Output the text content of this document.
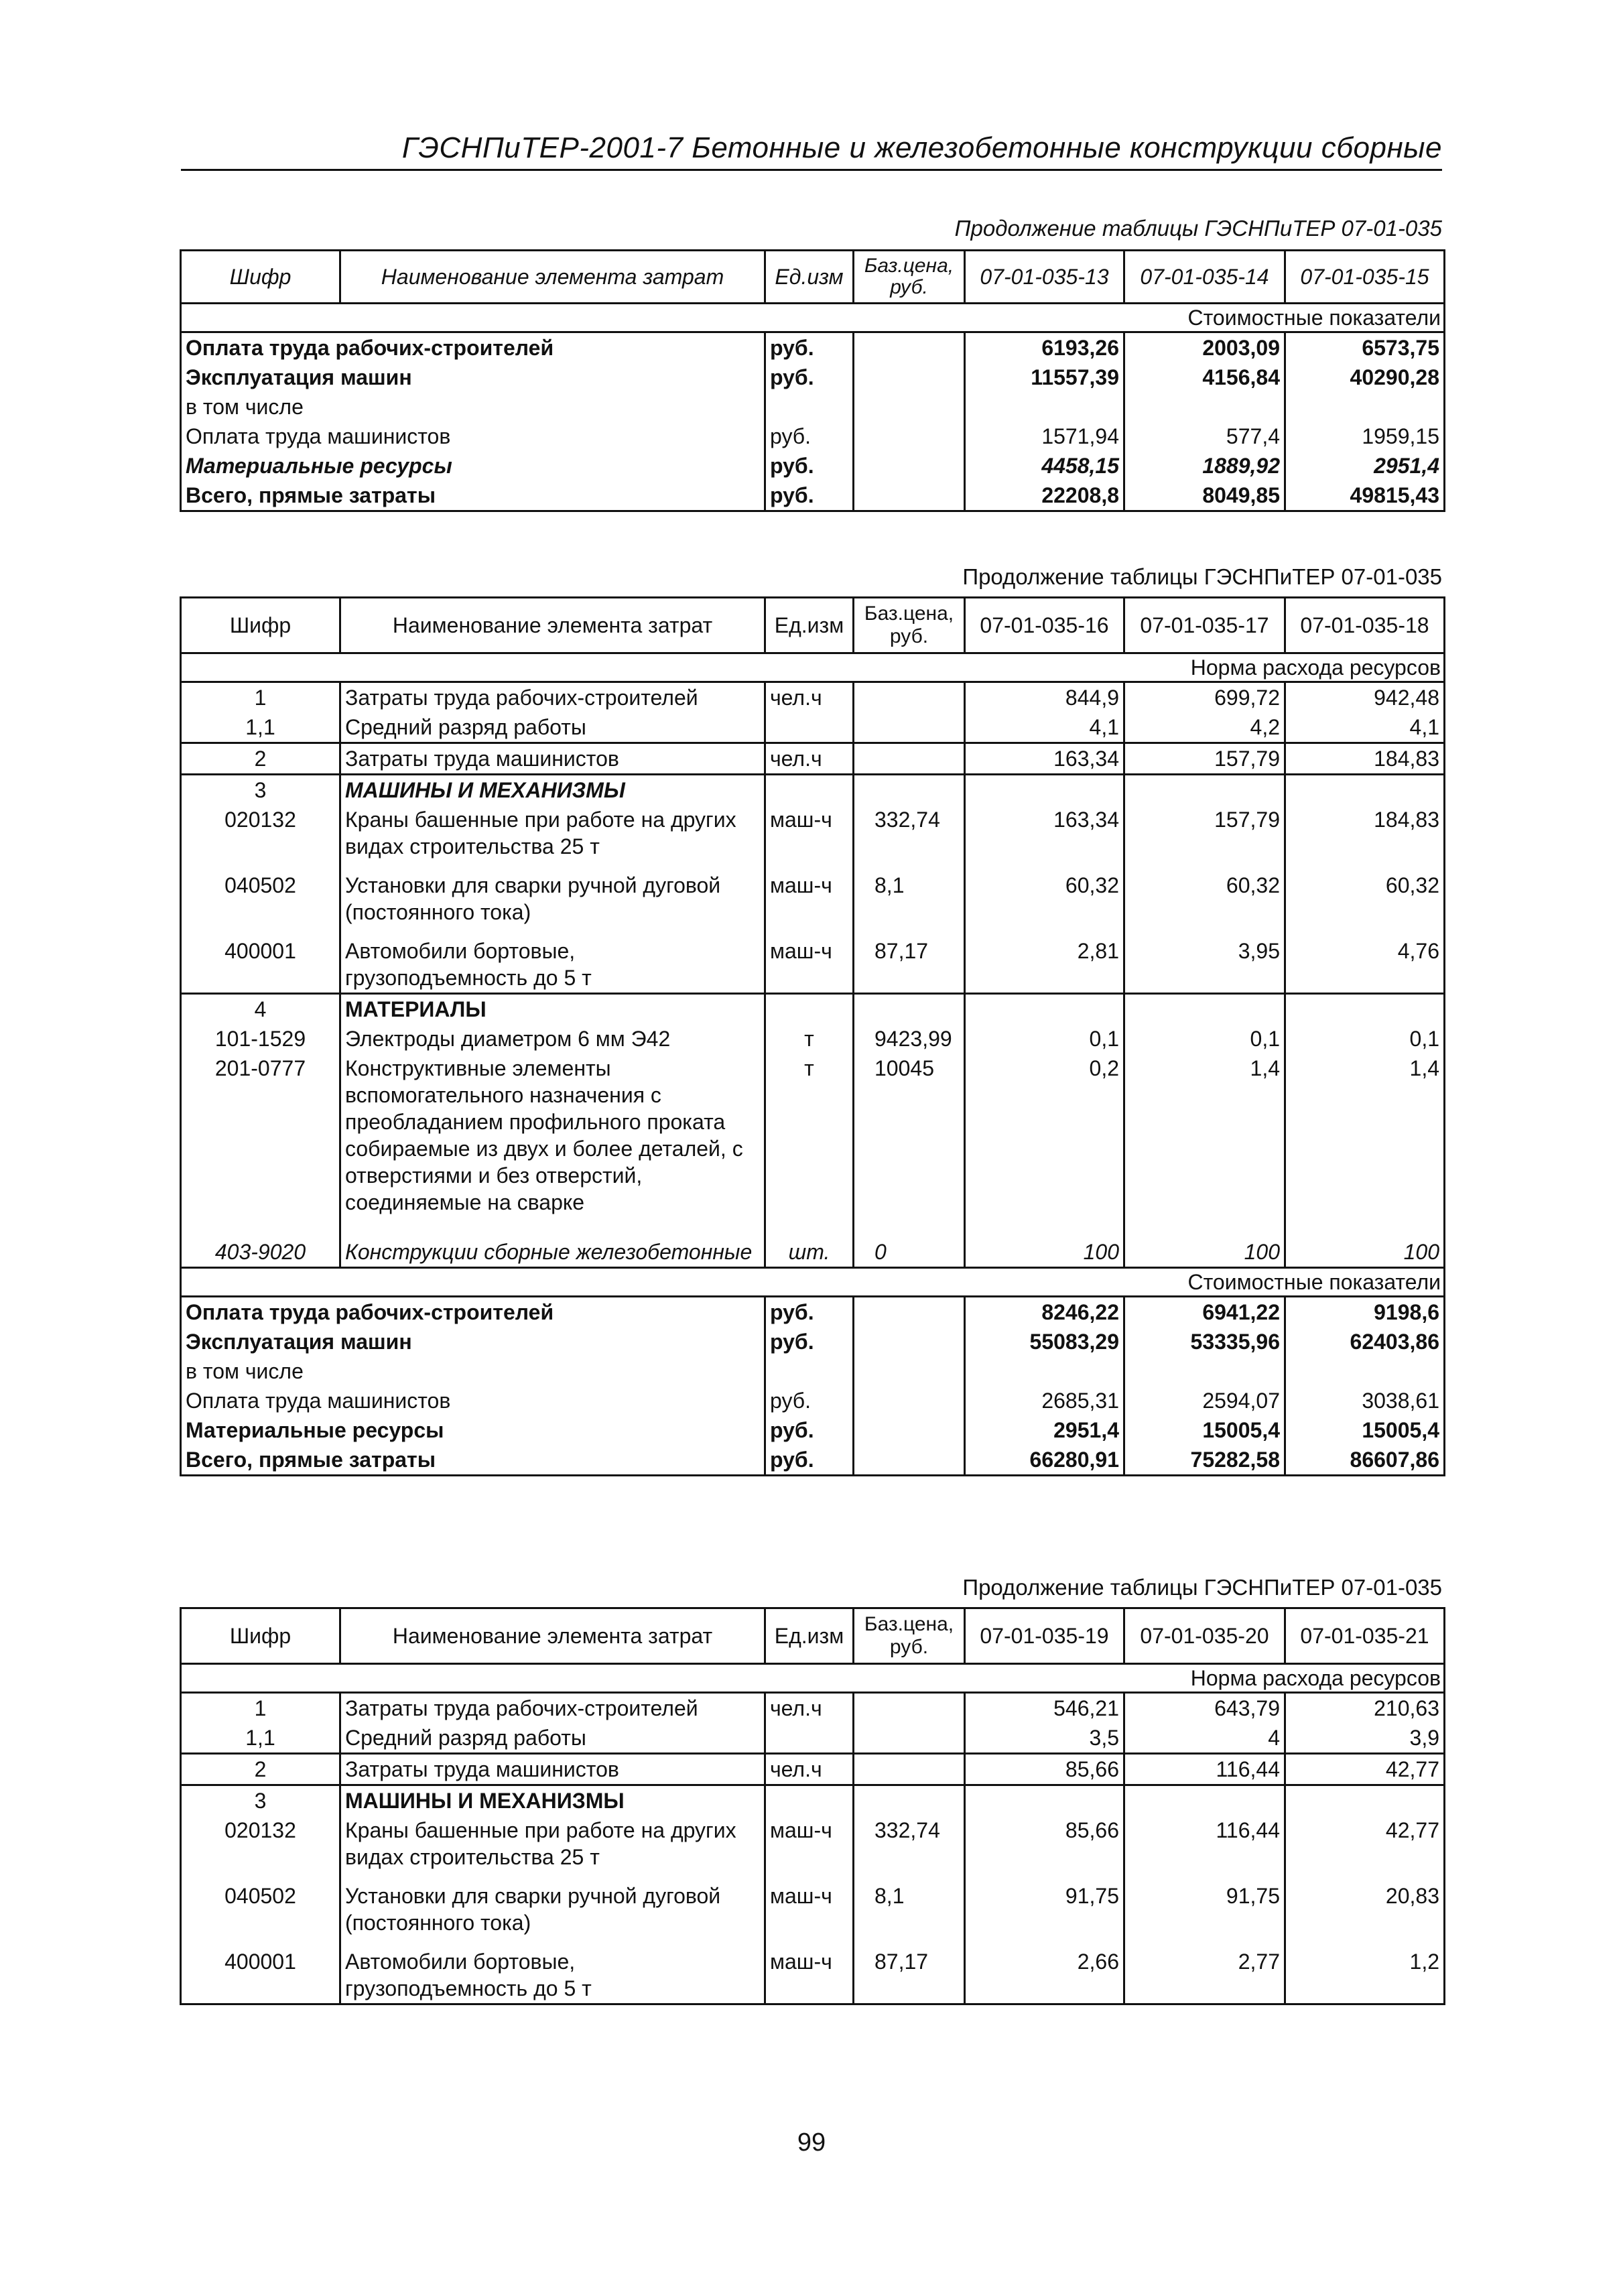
ГЭСНПиТЕР-2001-7 Бетонные и железобетонные конструкции сборные
Продолжение таблицы ГЭСНПиТЕР 07-01-035
Шифр	Наименование элемента затрат	Ед.изм	Баз.цена, руб.	07-01-035-13	07-01-035-14	07-01-035-15
Стоимостные показатели						
Оплата труда рабочих-строителей		руб.		6193,26	2003,09	6573,75
Эксплуатация машин		руб.		11557,39	4156,84	40290,28
в том числе						
Оплата труда машинистов		руб.		1571,94	577,4	1959,15
Материальные ресурсы		руб.		4458,15	1889,92	2951,4
Всего, прямые затраты		руб.		22208,8	8049,85	49815,43
Продолжение таблицы ГЭСНПиТЕР 07-01-035
Шифр	Наименование элемента затрат	Ед.изм	Баз.цена, руб.	07-01-035-16	07-01-035-17	07-01-035-18
Норма расхода ресурсов						
1	Затраты труда рабочих-строителей	чел.ч		844,9	699,72	942,48
1,1	Средний разряд работы			4,1	4,2	4,1
2	Затраты труда машинистов	чел.ч		163,34	157,79	184,83
3	МАШИНЫ И МЕХАНИЗМЫ					
020132	Краны башенные при работе на других видах строительства 25 т	маш-ч	332,74	163,34	157,79	184,83
040502	Установки для сварки ручной дуговой (постоянного тока)	маш-ч	8,1	60,32	60,32	60,32
400001	Автомобили бортовые, грузоподъемность до 5 т	маш-ч	87,17	2,81	3,95	4,76
4	МАТЕРИАЛЫ					
101-1529	Электроды диаметром 6 мм Э42	т	9423,99	0,1	0,1	0,1
201-0777	Конструктивные элементы вспомогательного назначения с преобладанием профильного проката собираемые из двух и более деталей, с отверстиями и без отверстий, соединяемые на сварке	т	10045	0,2	1,4	1,4
403-9020	Конструкции сборные железобетонные	шт.	0	100	100	100
Стоимостные показатели						
Оплата труда рабочих-строителей		руб.		8246,22	6941,22	9198,6
Эксплуатация машин		руб.		55083,29	53335,96	62403,86
в том числе						
Оплата труда машинистов		руб.		2685,31	2594,07	3038,61
Материальные ресурсы		руб.		2951,4	15005,4	15005,4
Всего, прямые затраты		руб.		66280,91	75282,58	86607,86
Продолжение таблицы ГЭСНПиТЕР 07-01-035
Шифр	Наименование элемента затрат	Ед.изм	Баз.цена, руб.	07-01-035-19	07-01-035-20	07-01-035-21
Норма расхода ресурсов						
1	Затраты труда рабочих-строителей	чел.ч		546,21	643,79	210,63
1,1	Средний разряд работы			3,5	4	3,9
2	Затраты труда машинистов	чел.ч		85,66	116,44	42,77
3	МАШИНЫ И МЕХАНИЗМЫ					
020132	Краны башенные при работе на других видах строительства 25 т	маш-ч	332,74	85,66	116,44	42,77
040502	Установки для сварки ручной дуговой (постоянного тока)	маш-ч	8,1	91,75	91,75	20,83
400001	Автомобили бортовые, грузоподъемность до 5 т	маш-ч	87,17	2,66	2,77	1,2
99
